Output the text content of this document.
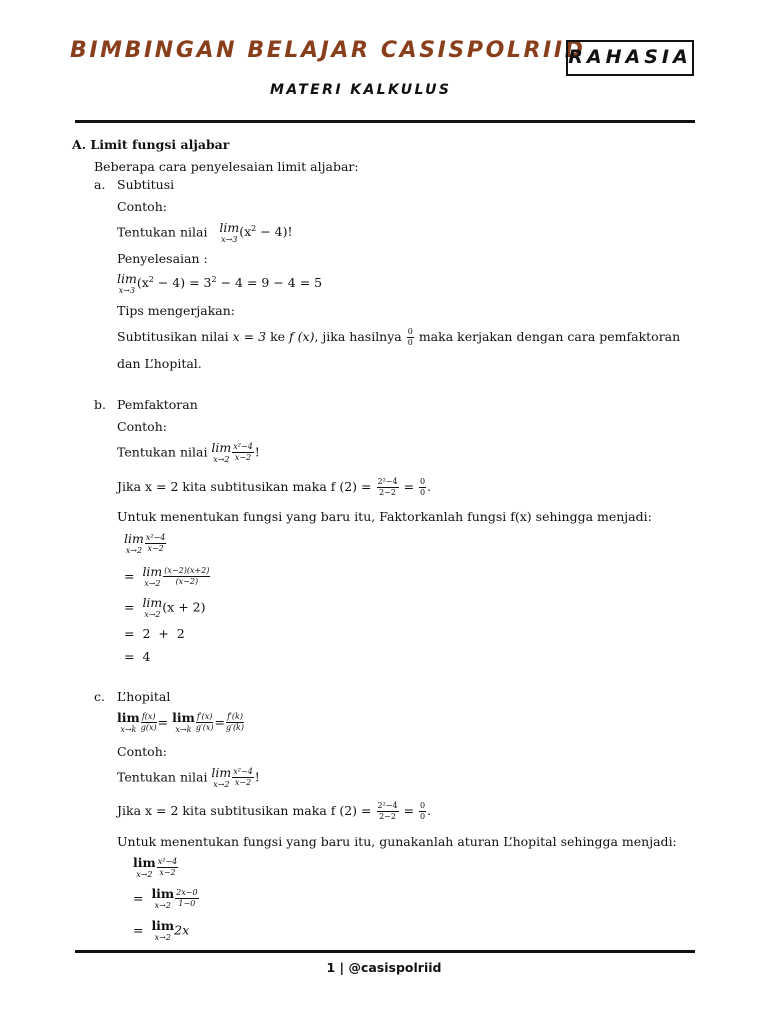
BIMBINGAN BELAJAR CASISPOLRIID
RAHASIA
MATERI KALKULUS
A. Limit fungsi aljabar
Beberapa cara penyelesaian limit aljabar:
a. Subtitusi
Contoh:
Tentukan nilai lim
x→3 $(x^2 - 4)$!
Penyelesaian :
lim
x→3 $(x^2 - 4) = 3^2 - 4 = 9 - 4 = 5$
Tips mengerjakan:
Subtitusikan nilai x = 3 ke f (x), jika hasilnya $\frac{0}{0}$ maka kerjakan dengan cara pemfaktoran
dan L’hopital.
b. Pemfaktoran
Contoh:
Tentukan nilai lim
$x\to 2 \frac{\text{x²−4}}{x-2}$ !
Jika x = 2 kita subtitusikan maka f $(2) = \frac{\text{2²−4}}{2-2} = \frac{0}{0}$ .
Untuk menentukan fungsi yang baru itu, Faktorkanlah fungsi f(x) sehingga menjadi:
lim
$x\to 2 \frac{\text{x²−4}}{x-2}$
= lim
$x\to 2 \frac{(x-2)(x+2)}{(x-2)}$
= lim
x→2 (x + 2)
= 2  +  2
= 4
c. L’hopital
lim
$x\to k \frac{f(x)}{g(x)} = \lim$
$x\to k \frac{f'(x)}{g'(x)} = \frac{f'(k)}{g'(k)}$
Contoh:
Tentukan nilai lim
$x\to 2 \frac{\text{x²−4}}{x-2}$ !
Jika x = 2 kita subtitusikan maka f $(2) = \frac{\text{2²−4}}{2-2} = \frac{0}{0}$ .
Untuk menentukan fungsi yang baru itu, gunakanlah aturan L’hopital sehingga menjadi:
lim
$x\to 2 \frac{\text{x²−4}}{x-2}$
= lim
$x\to 2 \frac{2x-0}{1-0}$
= lim
x→2 2x
1 | @casispolriid
